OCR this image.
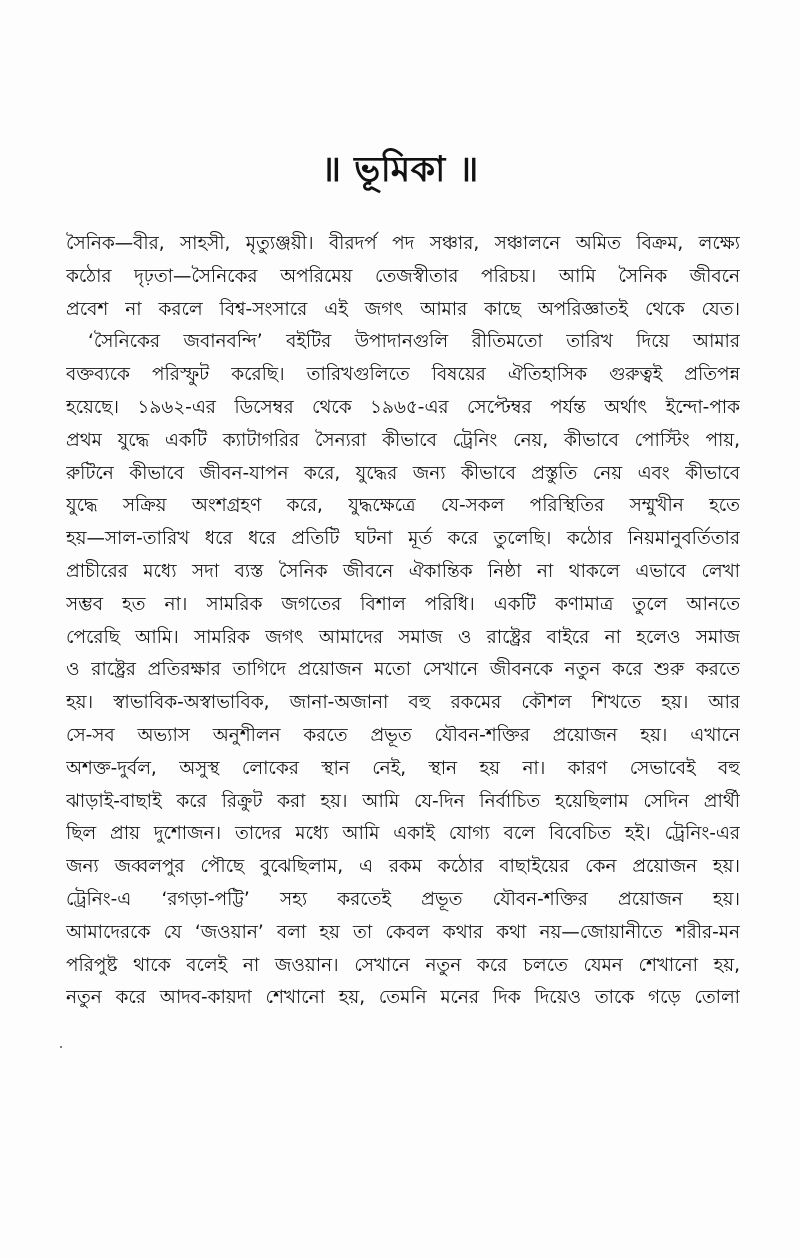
॥ ভূমিকা ॥
সৈনিক—বীর, সাহসী, মৃত্যুঞ্জয়ী। বীরদর্প পদ সঞ্চার, সঞ্চালনে অমিত বিক্রম, লক্ষ্যে
কঠোর দৃঢ়তা—সৈনিকের অপরিমেয় তেজস্বীতার পরিচয়। আমি সৈনিক জীবনে
প্রবেশ না করলে বিশ্ব-সংসারে এই জগৎ আমার কাছে অপরিজ্ঞাতই থেকে যেত।
‘সৈনিকের জবানবন্দি’ বইটির উপাদানগুলি রীতিমতো তারিখ দিয়ে আমার
বক্তব্যকে পরিস্ফুট করেছি। তারিখগুলিতে বিষয়ের ঐতিহাসিক গুরুত্বই প্রতিপন্ন
হয়েছে। ১৯৬২-এর ডিসেম্বর থেকে ১৯৬৫-এর সেপ্টেম্বর পর্যন্ত অর্থাৎ ইন্দো-পাক
প্রথম যুদ্ধে একটি ক্যাটাগরির সৈন্যরা কীভাবে ট্রেনিং নেয়, কীভাবে পোস্টিং পায়,
রুটিনে কীভাবে জীবন-যাপন করে, যুদ্ধের জন্য কীভাবে প্রস্তুতি নেয় এবং কীভাবে
যুদ্ধে সক্রিয় অংশগ্রহণ করে, যুদ্ধক্ষেত্রে যে-সকল পরিস্থিতির সম্মুখীন হতে
হয়—সাল-তারিখ ধরে ধরে প্রতিটি ঘটনা মূর্ত করে তুলেছি। কঠোর নিয়মানুবর্তিতার
প্রাচীরের মধ্যে সদা ব্যস্ত সৈনিক জীবনে ঐকান্তিক নিষ্ঠা না থাকলে এভাবে লেখা
সম্ভব হত না। সামরিক জগতের বিশাল পরিধি। একটি কণামাত্র তুলে আনতে
পেরেছি আমি। সামরিক জগৎ আমাদের সমাজ ও রাষ্ট্রের বাইরে না হলেও সমাজ
ও রাষ্ট্রের প্রতিরক্ষার তাগিদে প্রয়োজন মতো সেখানে জীবনকে নতুন করে শুরু করতে
হয়। স্বাভাবিক-অস্বাভাবিক, জানা-অজানা বহু রকমের কৌশল শিখতে হয়। আর
সে-সব অভ্যাস অনুশীলন করতে প্রভূত যৌবন-শক্তির প্রয়োজন হয়। এখানে
অশক্ত-দুর্বল, অসুস্থ লোকের স্থান নেই, স্থান হয় না। কারণ সেভাবেই বহু
ঝাড়াই-বাছাই করে রিক্রুট করা হয়। আমি যে-দিন নির্বাচিত হয়েছিলাম সেদিন প্রার্থী
ছিল প্রায় দুশোজন। তাদের মধ্যে আমি একাই যোগ্য বলে বিবেচিত হই। ট্রেনিং-এর
জন্য জব্বলপুর পৌছে বুঝেছিলাম, এ রকম কঠোর বাছাইয়ের কেন প্রয়োজন হয়।
ট্রেনিং-এ ‘রগড়া-পট্টি’ সহ্য করতেই প্রভূত যৌবন-শক্তির প্রয়োজন হয়।
আমাদেরকে যে ‘জওয়ান’ বলা হয় তা কেবল কথার কথা নয়—জোয়ানীতে শরীর-মন
পরিপুষ্ট থাকে বলেই না জওয়ান। সেখানে নতুন করে চলতে যেমন শেখানো হয়,
নতুন করে আদব-কায়দা শেখানো হয়, তেমনি মনের দিক দিয়েও তাকে গড়ে তোলা
